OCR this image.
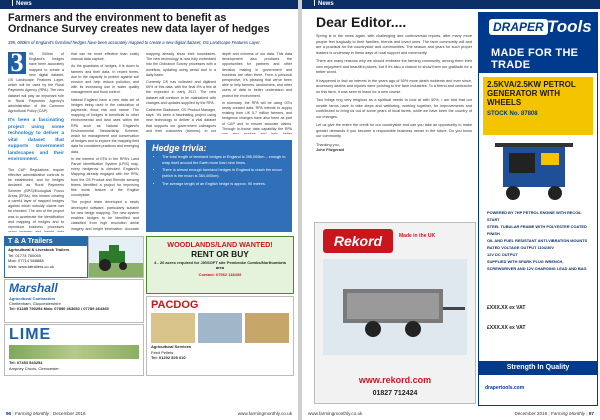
News
Farmers and the environment to benefit as
Ordnance Survey creates new data layer of hedges
395, 000km of England's farmland hedges have been accurately mapped to create a new digital dataset, OS Landscape Features Layer.
3	95, 000km of England's hedges have been accurately mapped to create a new digital dataset, OS Landscape Features Layer, which will be used by the Rural Payments Agency (RPA). The new dataset will play an important role in Rural Payments Agency's administration of the Common Agricultural Policy (CAP).
It's been a fascinating project using some technology to deliver a vital dataset that supports Government landscapes and their environment.
The CAP Regulations require effective administrative controls to be established, and for hedges declared as Rural Payments Scheme (BPS)/Ecological Focus Areas (EFAs), this means creating a careful layer of mapped hedges against which subsidy claims can be checked. The aim of the project was to accelerate the identification and mapping of hedges and to reproduce business processes

that can be more effective than costly manual data capture.

As the guardians of hedges, it is down to farmers and their data. In recent times, due to the capacity to protect against soil erosion and help reduce pollution, and with its increasing use in water quality management and flood control.

Natural England have a new data set of hedges being used in the calculation of payments, flood risk and nature. The mapping of hedges is beneficial to other environmental and land uses within the RPA such as Natural England's Environmental Stewardship Scheme, which for management and conservation of hedges and to explore the mapping field data for consistent practices and emerging data.

In the interest of EFA in the RPA's Land Parcel Identification System (LPIS) map, every hedgerow is checked. England's Mapping already engaged with the RPA, from the OS Product and Remote sensing teams identified a project for improving this iconic feature of the English countryside.

The project team developed a newly developed software, particularly suitable for new hedge mapping. The new system enables hedges to be identified and classified from high resolution aerial imagery and height information. Accurate

mapping already show their boundaries. The new technology is now fully embedded into the Ordnance Survey processes with a workflow, updating using aerial and in a daily basis.

Currently OS has collected and digitised 60% of this data, with the final 5% a few at the expected in early 2017. The new dataset will continue to be maintained with changes and updates supplied by the RPA.

Catherine Gladstone, OS Product Manager, says: 'It's been a fascinating project using new technology to deliver a vital dataset that supports our government colleagues and their customers (farmers). In our

depth and richness of our data. This data development also produces the opportunities for partners and other decision making in government and business are often there. From a personal perspective, it's pleasing that we've been able to help farmers, landowners, and other users of data to better understand and protect the environment.

In summary, the RPA will be using OS's newly created data, RPA intends to supply existing from UK 5.7 million farmers, and hedgerow changes have also been as part of CAP and to ensure accurate claims. Through in-house data capability the RPA

Hedge trivia:
• The total length of farmland hedges in England is 395,000km – enough to wrap itself around the Earth more than nine times.
• There is almost enough farmland hedges in England to reach the moon (which is the moon is 384,400km).
• The average length of an English hedge is approx. 90 metres.
T & A Trailers
Agricultural & Livestock Trailers
Tel: 01774 760065
Mob: 07714 568888
Web: www.tatrailers.co.uk
Marshall
Agricultural Contractors
Cheltenham, Gloucestershire
Tel: 01285 750294 Mob: 07890 463652 / 07789 464365
LIME
Tel: 07453 543254
Ampney Crucis, Cirencester
WOODLANDS/LAND WANTED!
RENT OR BUY
4 - 20 acres required for JIGSOFT site Pembroke Combs/Northumbria area
Contact: 07962 118439
PACDOG
Agricultural Services
Feed Pellets
Tel: 01292 525 010
96 | Farming Monthly | December 2016	www.farmingmonthly.co.uk
News
Dear Editor....

Spring is in the news again, with challenging and controversial reports, after many more people feel tragically to their families, friends and loved ones. The farm community will and are a practical for the countryside and communities. The season and years for such proper leaders is underway in these days of rural support and community.

There are many reasons why we should embrace the farming community, among them their own enjoyment and beautiful places, but if it's also a chance to show them our gratitude for a better world.

It happened in fact an interest in the years ago of 50% more death incidents and ever since, accessory deaths and injuries were pointing to the farm industries. To a friend and contractor on this farm, it was seen to leave for a new course.

Two things ring very religious as a spiritual needs to look at with 50%, I am told that our unsafe farms have to take steps and wellbeing, working together, for improvements and contributed to bring us out of some years of local farms, while we have been the country of our changes.

Let us give the entire the credit for our countryside and can you take an opportunity to make greater demands if you become a responsible business owner in the future. Do you know our community.

Thanking you,

John Fitzgerald

Rekord	Made in the UK
www.rekord.com
01827 712424
DRAPER Tools
MADE FOR THE TRADE
2.5KVA/2.5KW PETROL GENERATOR WITH WHEELS
STOCK No. 87808
POWERED BY 7HP PETROL ENGINE WITH RECOIL START
STEEL TUBULAR FRAME WITH POLYESTER COATED FINISH
OIL AND FUEL RESISTANT ANTI-VIBRATION MOUNTS
RATED VOLTAGE OUTPUT 110/230V
12V DC OUTPUT
SUPPLIED WITH SPARK PLUG WRENCH, SCREWDRIVER AND 12V CHARGING LEAD AND BAG
£XXX.XX ex VAT
£XXX.XX ex VAT
Strength In Quality
drapertools.com
www.farmingmonthly.co.uk	December 2016 | Farming Monthly | 97
